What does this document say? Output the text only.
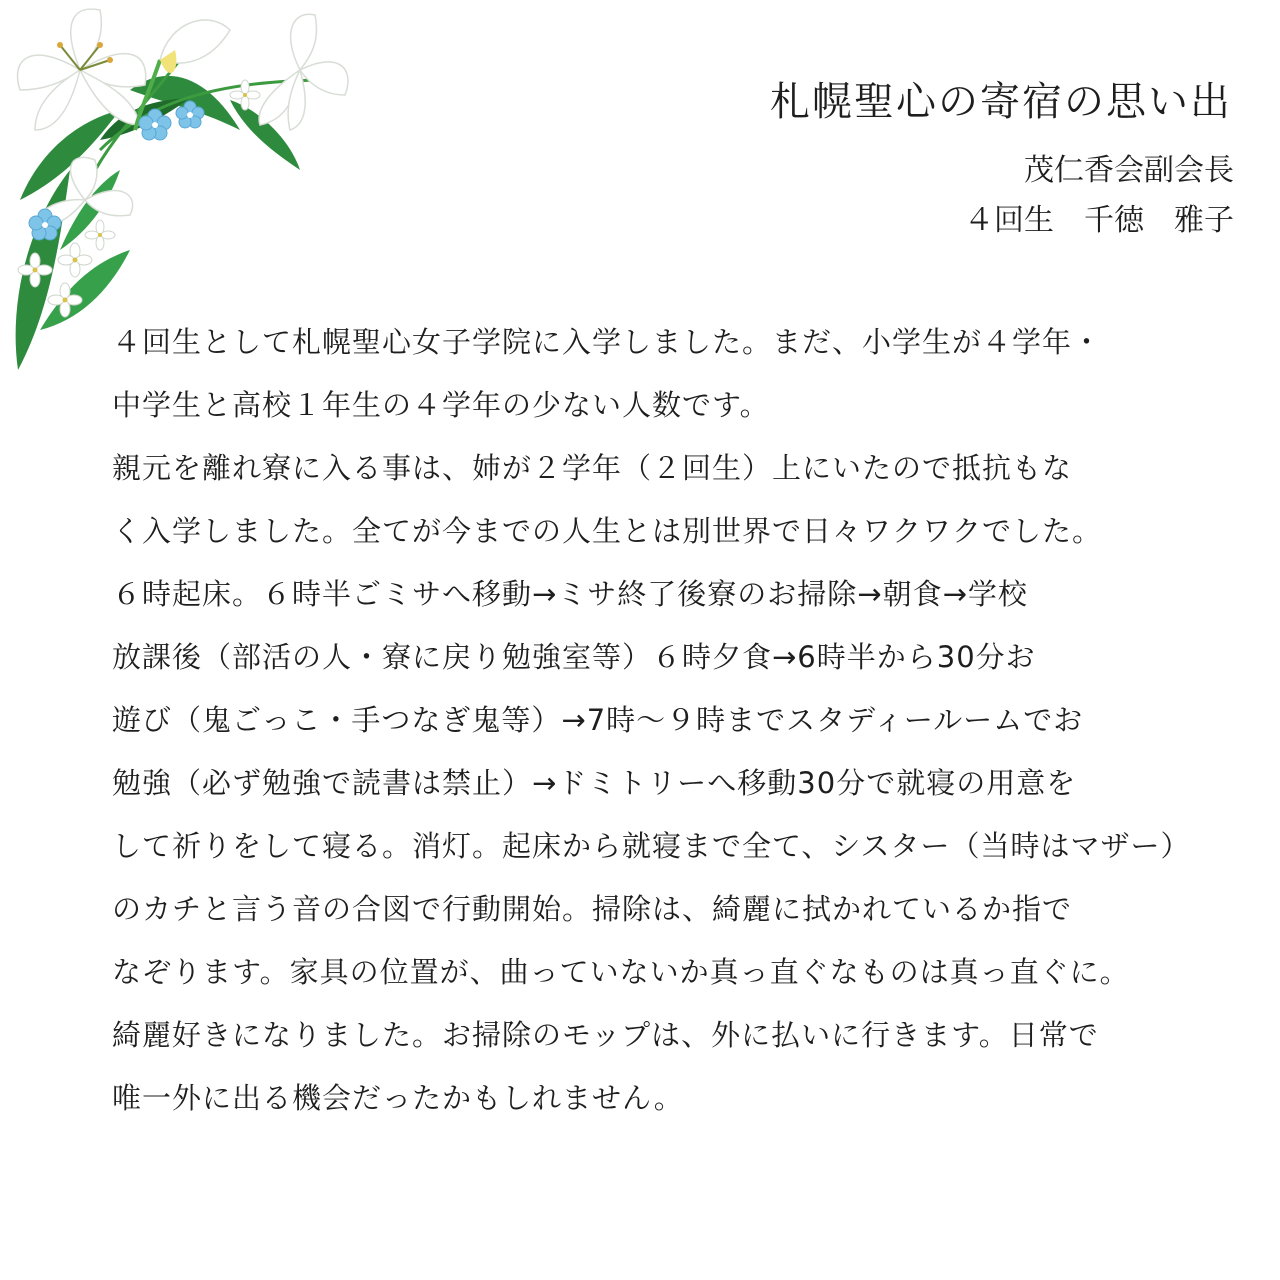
札幌聖心の寄宿の思い出
茂仁香会副会長
４回生　千徳　雅子
４回生として札幌聖心女子学院に入学しました。まだ、小学生が４学年・
中学生と高校１年生の４学年の少ない人数です。
親元を離れ寮に入る事は、姉が２学年（２回生）上にいたので抵抗もな
く入学しました。全てが今までの人生とは別世界で日々ワクワクでした。
６時起床。６時半ごミサへ移動→ミサ終了後寮のお掃除→朝食→学校
放課後（部活の人・寮に戻り勉強室等）６時夕食→6時半から30分お
遊び（鬼ごっこ・手つなぎ鬼等）→7時～９時までスタディールームでお
勉強（必ず勉強で読書は禁止）→ドミトリーへ移動30分で就寝の用意を
して祈りをして寝る。消灯。起床から就寝まで全て、シスター（当時はマザー）
のカチと言う音の合図で行動開始。掃除は、綺麗に拭かれているか指で
なぞります。家具の位置が、曲っていないか真っ直ぐなものは真っ直ぐに。
綺麗好きになりました。お掃除のモップは、外に払いに行きます。日常で
唯一外に出る機会だったかもしれません。
